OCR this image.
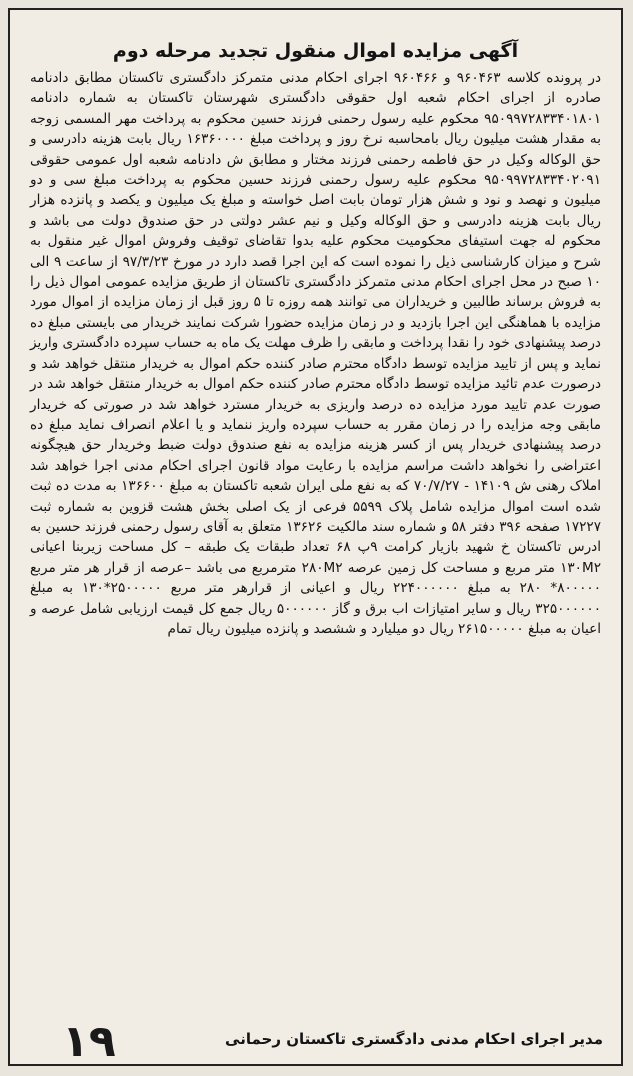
آگهی مزایده اموال منقول تجدید مرحله دوم
در پرونده کلاسه ۹۶۰۴۶۳ و ۹۶۰۴۶۶ اجرای احکام مدنی متمرکز دادگستری تاکستان مطابق دادنامه صادره از اجرای احکام شعبه اول حقوقی دادگستری شهرستان تاکستان به شماره دادنامه ۹۵۰۹۹۷۲۸۳۳۴۰۱۸۰۱ محکوم علیه رسول رحمنی فرزند حسین محکوم به پرداخت مهر المسمی زوجه به مقدار هشت میلیون ریال بامحاسبه نرخ روز و پرداخت مبلغ ۱۶۳۶۰۰۰۰ ریال بابت هزینه دادرسی و حق الوکاله وکیل در حق فاطمه رحمنی فرزند مختار و مطابق ش دادنامه شعبه اول عمومی حقوقی ۹۵۰۹۹۷۲۸۳۳۴۰۲۰۹۱ محکوم علیه رسول رحمنی فرزند حسین محکوم به پرداخت مبلغ سی و دو میلیون و نهصد و نود و شش هزار تومان بابت اصل خواسته و مبلغ یک میلیون و یکصد و پانزده هزار ریال بابت هزینه دادرسی و حق الوکاله وکیل و نیم عشر دولتی در حق صندوق دولت می باشد و محکوم له جهت استیفای محکومیت محکوم علیه بدوا تقاضای توقیف وفروش اموال غیر منقول به شرح و میزان کارشناسی ذیل را نموده است که این اجرا قصد دارد در مورخ ۹۷/۳/۲۳ از ساعت ۹ الی ۱۰ صبح در محل اجرای احکام مدنی متمرکز دادگستری تاکستان از طریق مزایده عمومی اموال ذیل را به فروش برساند طالبین و خریداران می توانند همه روزه تا ۵ روز قبل از زمان مزایده از اموال مورد مزایده با هماهنگی این اجرا بازدید و در زمان مزایده حضورا شرکت نمایند خریدار می بایستی مبلغ ده درصد پیشنهادی خود را نقدا پرداخت و مابقی را ظرف مهلت یک ماه به حساب سپرده دادگستری واریز نماید و پس از تایید مزایده توسط دادگاه محترم صادر کننده حکم اموال به خریدار منتقل خواهد شد و درصورت عدم تائید مزایده توسط دادگاه محترم صادر کننده حکم اموال به خریدار منتقل خواهد شد در صورت عدم تایید مورد مزایده ده درصد واریزی به خریدار مسترد خواهد شد در صورتی که خریدار مابقی وجه مزایده را در زمان مقرر به حساب سپرده واریز ننماید و یا اعلام انصراف نماید مبلغ ده درصد پیشنهادی خریدار پس از کسر هزینه مزایده به نفع صندوق دولت ضبط وخریدار حق هیچگونه اعتراضی را نخواهد داشت مراسم مزایده با رعایت مواد قانون اجرای احکام مدنی اجرا خواهد شد املاک رهنی ش ۱۴۱۰۹ - ۷۰/۷/۲۷ که به نفع ملی ایران شعبه تاکستان به مبلغ ۱۳۶۶۰۰ به مدت ده ثبت شده است اموال مزایده شامل پلاک ۵۵۹۹ فرعی از یک اصلی بخش هشت قزوین به شماره ثبت ۱۷۲۲۷ صفحه ۳۹۶ دفتر ۵۸ و شماره سند مالکیت ۱۳۶۲۶ متعلق به آقای رسول رحمنی فرزند حسین به ادرس تاکستان خ شهید بازیار کرامت ۹پ ۶۸ تعداد طبقات یک طبقه – کل مساحت زیربنا اعیانی ۱۳۰M۲ متر مربع و مساحت کل زمین عرصه ۲۸۰M۲ مترمربع می باشد –عرصه از قرار هر متر مربع ۸۰۰۰۰۰* ۲۸۰ به مبلغ ۲۲۴۰۰۰۰۰۰ ریال و اعیانی از قرارهر متر مربع ۲۵۰۰۰۰۰*۱۳۰ به مبلغ ۳۲۵۰۰۰۰۰۰ ریال و سایر امتیازات اب برق و گاز ۵۰۰۰۰۰۰ ریال جمع کل قیمت ارزیابی شامل عرصه و اعیان به مبلغ ۲۶۱۵۰۰۰۰۰ ریال دو میلیارد و ششصد و پانزده میلیون ریال تمام
مدیر اجرای احکام مدنی دادگستری تاکستان رحمانی
۱۹
